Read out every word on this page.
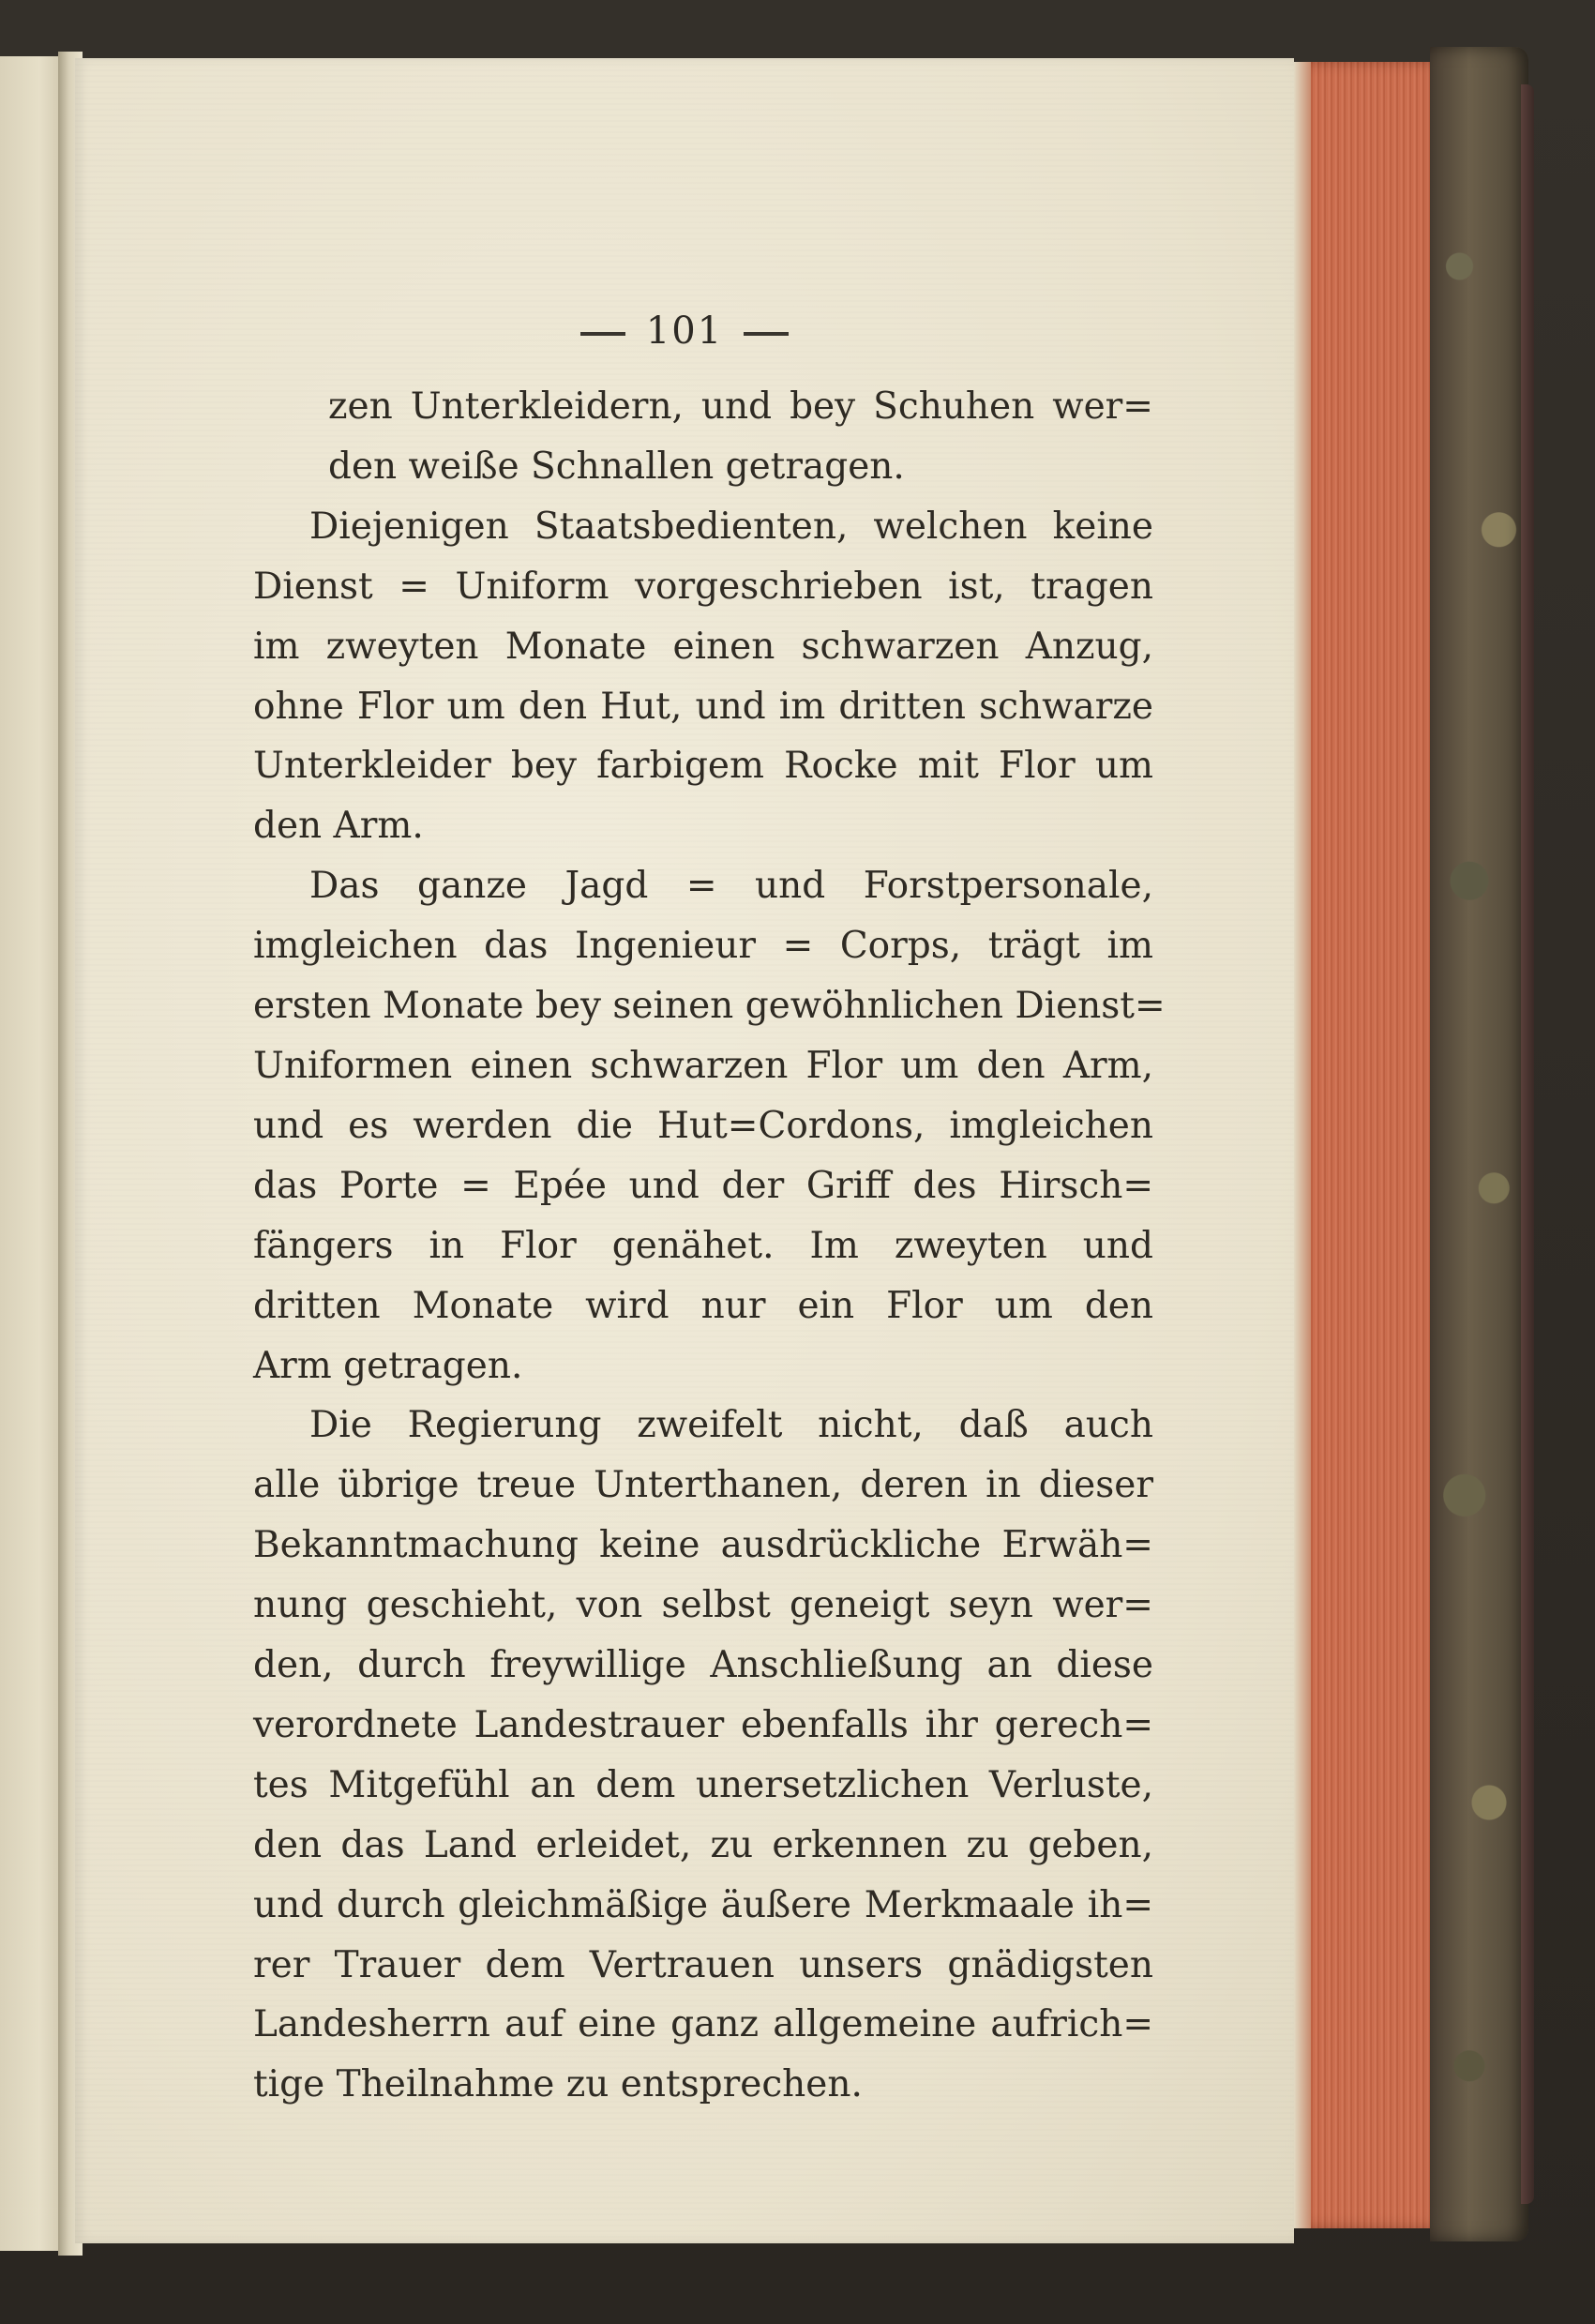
101
zen Unterkleidern, und bey Schuhen wer=
den weiße Schnallen getragen.
Diejenigen Staatsbedienten, welchen keine
Dienst = Uniform vorgeschrieben ist, tragen
im zweyten Monate einen schwarzen Anzug,
ohne Flor um den Hut, und im dritten schwarze
Unterkleider bey farbigem Rocke mit Flor um
den Arm.
Das ganze Jagd = und Forstpersonale,
imgleichen das Ingenieur = Corps, trägt im
ersten Monate bey seinen gewöhnlichen Dienst=
Uniformen einen schwarzen Flor um den Arm,
und es werden die Hut=Cordons, imgleichen
das Porte = Epée und der Griff des Hirsch=
fängers in Flor genähet. Im zweyten und
dritten Monate wird nur ein Flor um den
Arm getragen.
Die Regierung zweifelt nicht, daß auch
alle übrige treue Unterthanen, deren in dieser
Bekanntmachung keine ausdrückliche Erwäh=
nung geschieht, von selbst geneigt seyn wer=
den, durch freywillige Anschließung an diese
verordnete Landestrauer ebenfalls ihr gerech=
tes Mitgefühl an dem unersetzlichen Verluste,
den das Land erleidet, zu erkennen zu geben,
und durch gleichmäßige äußere Merkmaale ih=
rer Trauer dem Vertrauen unsers gnädigsten
Landesherrn auf eine ganz allgemeine aufrich=
tige Theilnahme zu entsprechen.
